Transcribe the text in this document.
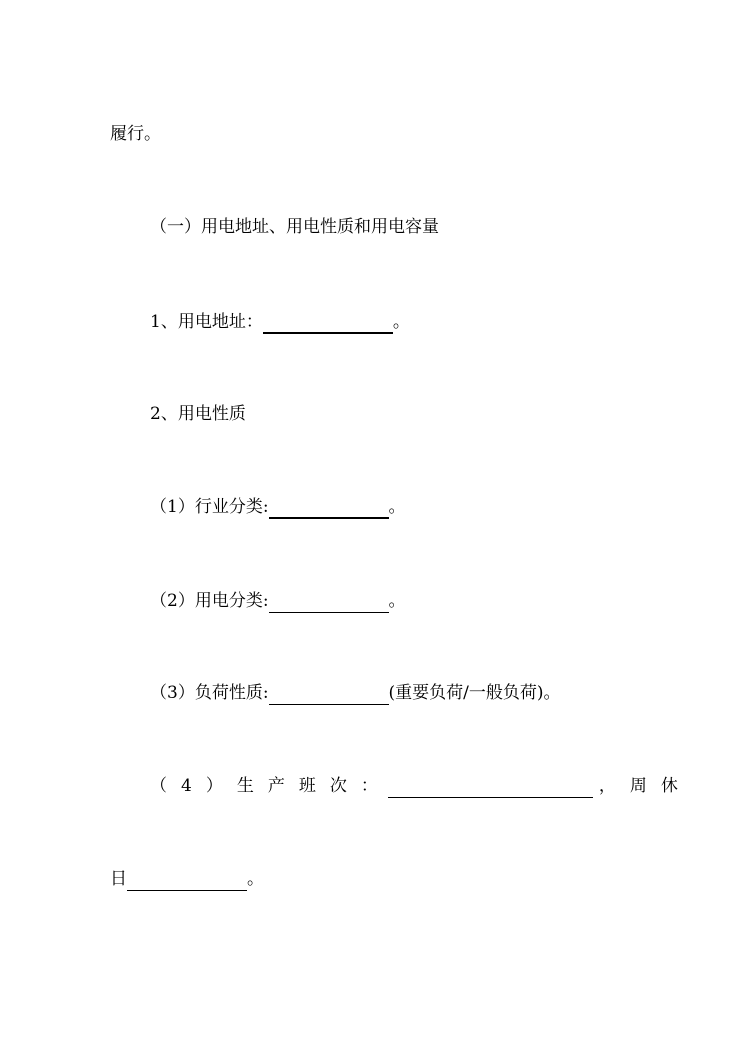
履行。
（一）用电地址、用电性质和用电容量
1、用电地址：	。
2、用电性质
（1）行业分类:	。
（2）用电分类:	。
（3）负荷性质:	(重要负荷/一般负荷)。
（4）生产班次：	，周休
日	。
